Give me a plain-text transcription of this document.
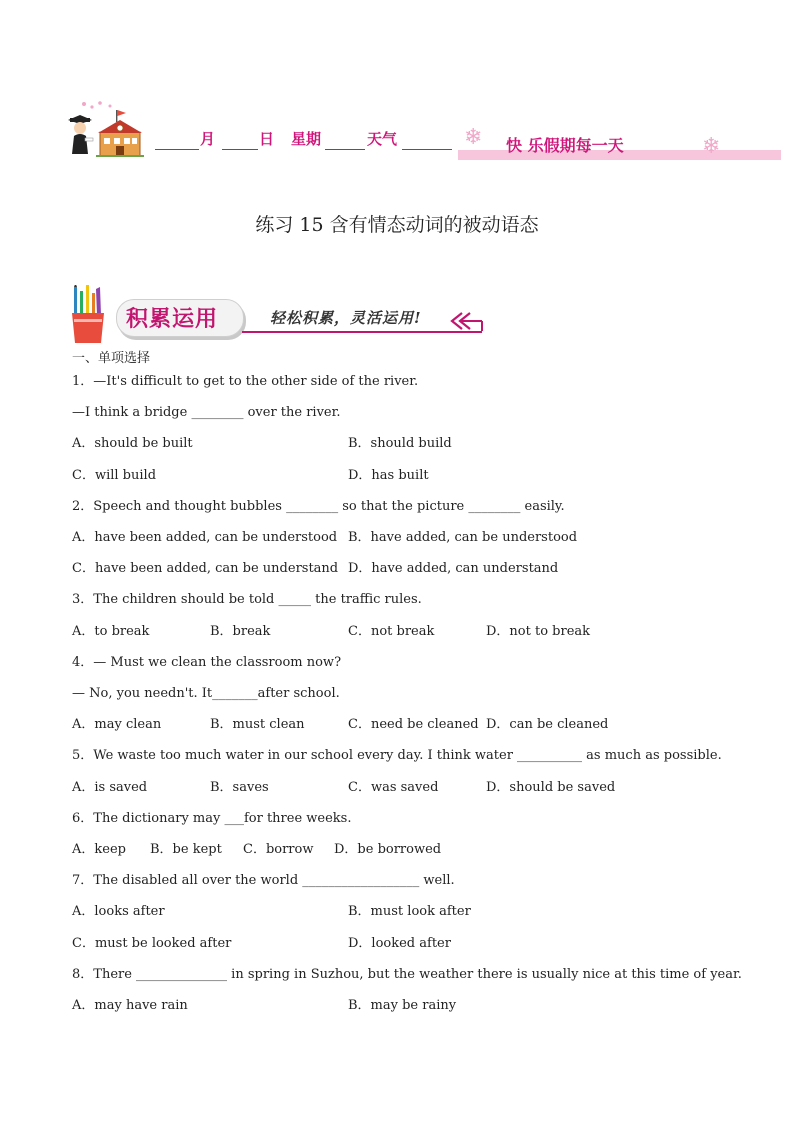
月	日 星期	天气	❄ 快 乐假期每一天	❄
练习 15 含有情态动词的被动语态
积累运用	轻松积累，灵活运用!
一、单项选择
1．—It's difficult to get to the other side of the river.
—I think a bridge ________ over the river.
A．should be built	B．should build
C．will build	D．has built
2．Speech and thought bubbles ________ so that the picture ________ easily.
A．have been added, can be understood B．have added, can be understood
C．have been added, can be understand D．have added, can understand
3．The children should be told _____ the traffic rules.
A．to break	B．break	C．not break	D．not to break
4．— Must we clean the classroom now?
— No, you needn't. It_______after school.
A．may clean	B．must clean	C．need be cleaned D．can be cleaned
5．We waste too much water in our school every day. I think water __________ as much as possible.
A．is saved	B．saves	C．was saved	D．should be saved
6．The dictionary may ___for three weeks.
A．keep B．be kept C．borrow D．be borrowed
7．The disabled all over the world __________________ well.
A．looks after	B．must look after
C．must be looked after	D．looked after
8．There ______________ in spring in Suzhou, but the weather there is usually nice at this time of year.
A．may have rain	B．may be rainy
